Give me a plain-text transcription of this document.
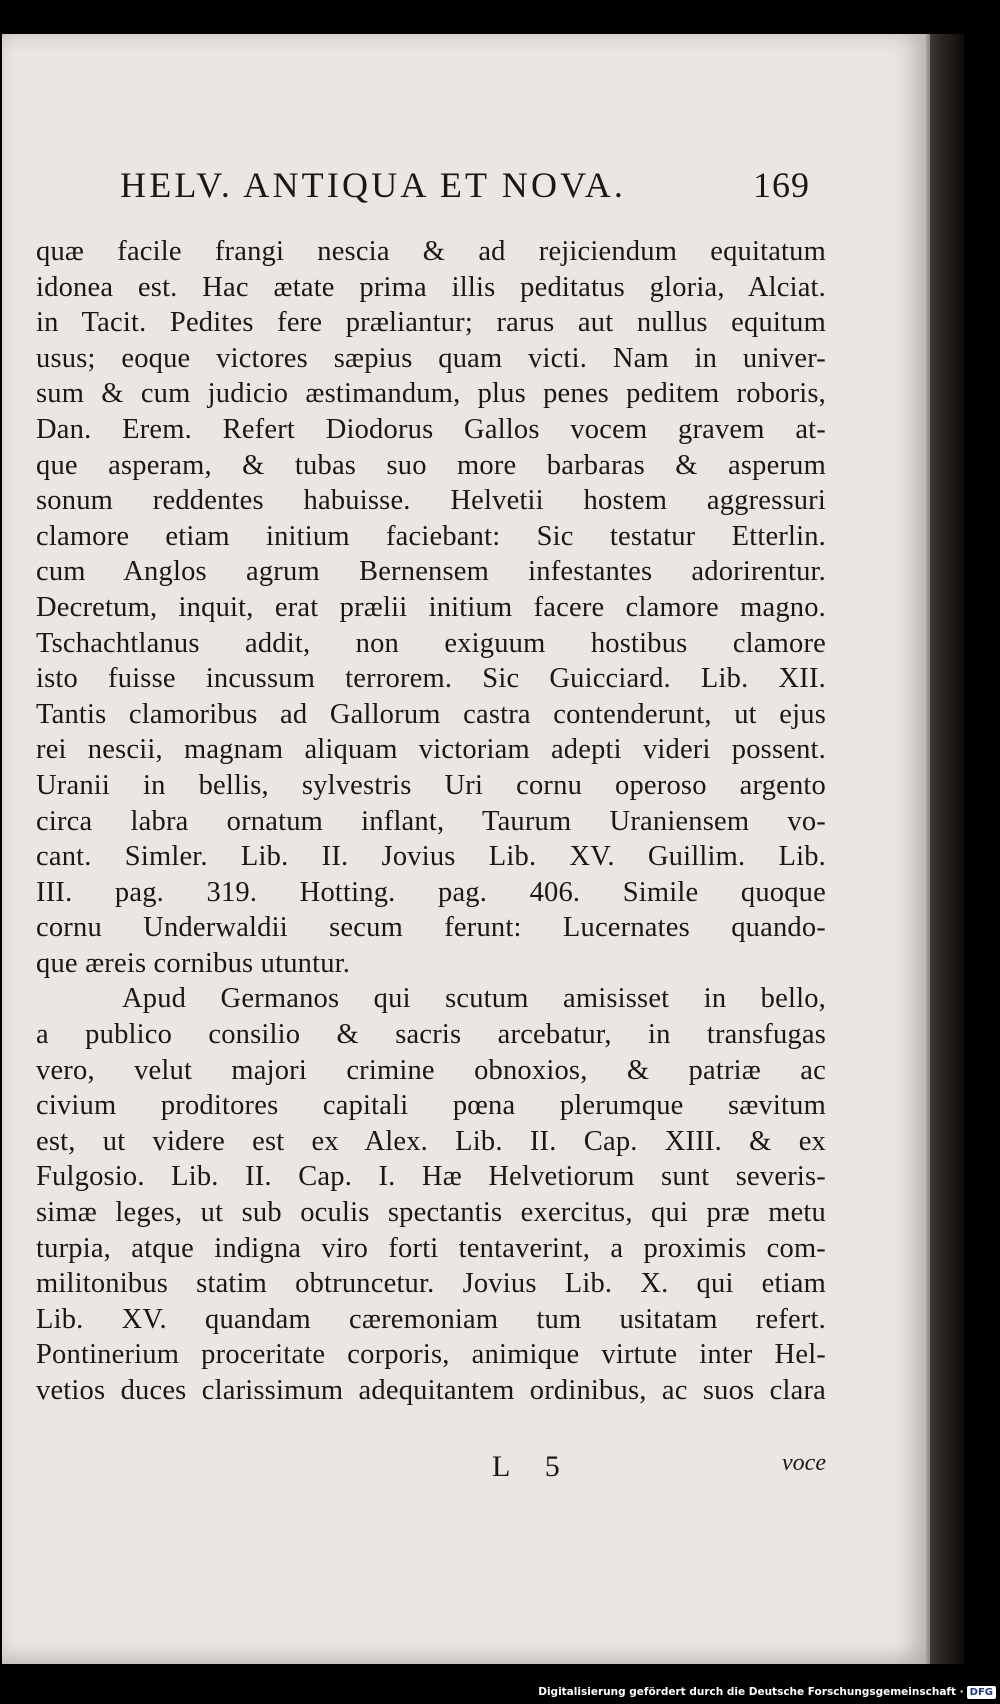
HELV. ANTIQUA ET NOVA.	169
quæ facile frangi nescia & ad rejiciendum equitatum
idonea est. Hac ætate prima illis peditatus gloria, Alciat.
in Tacit. Pedites fere præliantur; rarus aut nullus equitum
usus; eoque victores sæpius quam victi. Nam in univer-
sum & cum judicio æstimandum, plus penes peditem roboris,
Dan. Erem. Refert Diodorus Gallos vocem gravem at-
que asperam, & tubas suo more barbaras & asperum
sonum reddentes habuisse. Helvetii hostem aggressuri
clamore etiam initium faciebant: Sic testatur Etterlin.
cum Anglos agrum Bernensem infestantes adorirentur.
Decretum, inquit, erat prælii initium facere clamore magno.
Tschachtlanus addit, non exiguum hostibus clamore
isto fuisse incussum terrorem. Sic Guicciard. Lib. XII.
Tantis clamoribus ad Gallorum castra contenderunt, ut ejus
rei nescii, magnam aliquam victoriam adepti videri possent.
Uranii in bellis, sylvestris Uri cornu operoso argento
circa labra ornatum inflant, Taurum Uraniensem vo-
cant. Simler. Lib. II. Jovius Lib. XV. Guillim. Lib.
III. pag. 319. Hotting. pag. 406. Simile quoque
cornu Underwaldii secum ferunt: Lucernates quando-
que æreis cornibus utuntur.
Apud Germanos qui scutum amisisset in bello,
a publico consilio & sacris arcebatur, in transfugas
vero, velut majori crimine obnoxios, & patriæ ac
civium proditores capitali pœna plerumque sævitum
est, ut videre est ex Alex. Lib. II. Cap. XIII. & ex
Fulgosio. Lib. II. Cap. I. Hæ Helvetiorum sunt severis-
simæ leges, ut sub oculis spectantis exercitus, qui præ metu
turpia, atque indigna viro forti tentaverint, a proximis com-
militonibus statim obtruncetur. Jovius Lib. X. qui etiam
Lib. XV. quandam cæremoniam tum usitatam refert.
Pontinerium proceritate corporis, animique virtute inter Hel-
vetios duces clarissimum adequitantem ordinibus, ac suos clara
L 5	voce
Digitalisierung gefördert durch die Deutsche Forschungsgemeinschaft · DFG
